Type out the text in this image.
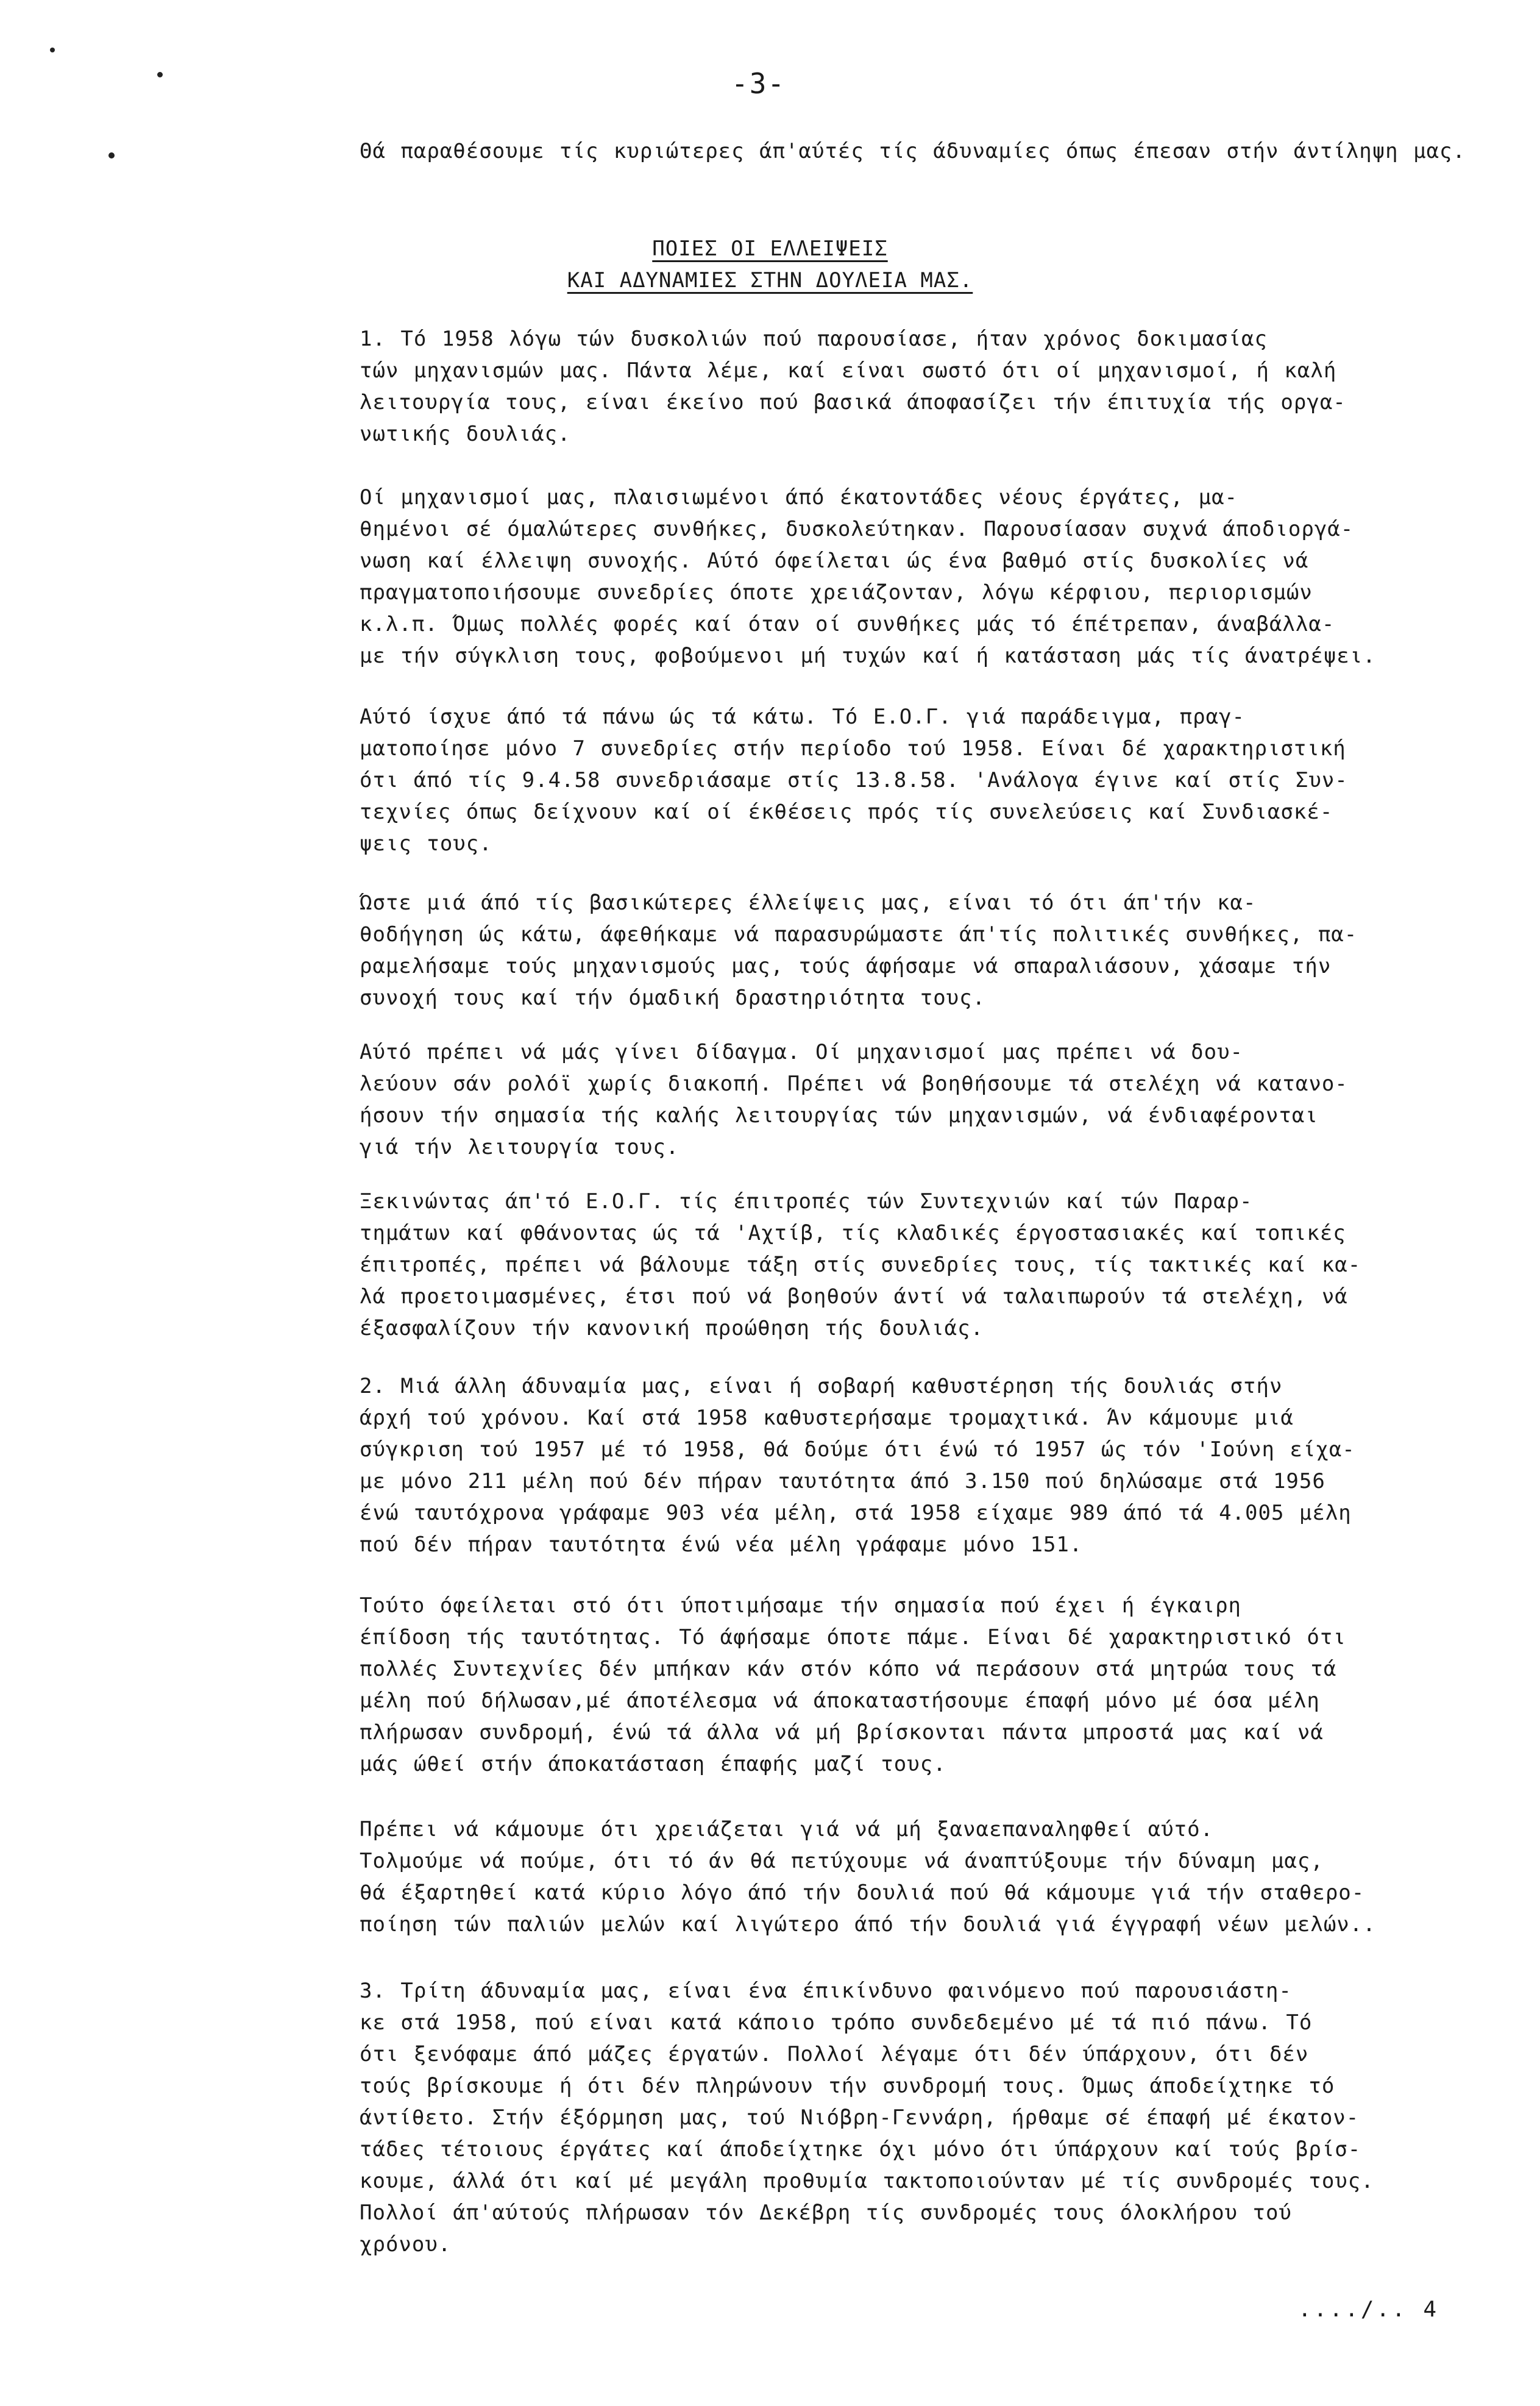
-3-

Θά παραθέσουμε τίς κυριώτερες άπ'αύτές τίς άδυναμίες όπως έπεσαν στήν άντίληψη μας.

ΠΟΙΕΣ ΟΙ ΕΛΛΕΙΨΕΙΣ
ΚΑΙ ΑΔΥΝΑΜΙΕΣ ΣΤΗΝ ΔΟΥΛΕΙΑ ΜΑΣ.

1. Τό 1958 λόγω τών δυσκολιών πού παρουσίασε, ήταν χρόνος δοκιμασίας
τών μηχανισμών μας. Πάντα λέμε, καί είναι σωστό ότι οί μηχανισμοί, ή καλή
λειτουργία τους, είναι έκείνο πού βασικά άποφασίζει τήν έπιτυχία τής οργα-
νωτικής δουλιάς.

Οί μηχανισμοί μας, πλαισιωμένοι άπό έκατοντάδες νέους έργάτες, μα-
θημένοι σέ όμαλώτερες συνθήκες, δυσκολεύτηκαν. Παρουσίασαν συχνά άποδιοργά-
νωση καί έλλειψη συνοχής. Αύτό όφείλεται ώς ένα βαθμό στίς δυσκολίες νά
πραγματοποιήσουμε συνεδρίες όποτε χρειάζονταν, λόγω κέρφιου, περιορισμών
κ.λ.π. Όμως πολλές φορές καί όταν οί συνθήκες μάς τό έπέτρεπαν, άναβάλλα-
με τήν σύγκλιση τους, φοβούμενοι μή τυχών καί ή κατάσταση μάς τίς άνατρέψει.

Αύτό ίσχυε άπό τά πάνω ώς τά κάτω. Τό Ε.Ο.Γ. γιά παράδειγμα, πραγ-
ματοποίησε μόνο 7 συνεδρίες στήν περίοδο τού 1958. Είναι δέ χαρακτηριστική
ότι άπό τίς 9.4.58 συνεδριάσαμε στίς 13.8.58. 'Ανάλογα έγινε καί στίς Συν-
τεχνίες όπως δείχνουν καί οί έκθέσεις πρός τίς συνελεύσεις καί Συνδιασκέ-
ψεις τους.

Ώστε μιά άπό τίς βασικώτερες έλλείψεις μας, είναι τό ότι άπ'τήν κα-
θοδήγηση ώς κάτω, άφεθήκαμε νά παρασυρώμαστε άπ'τίς πολιτικές συνθήκες, πα-
ραμελήσαμε τούς μηχανισμούς μας, τούς άφήσαμε νά σπαραλιάσουν, χάσαμε τήν
συνοχή τους καί τήν όμαδική δραστηριότητα τους.

Αύτό πρέπει νά μάς γίνει δίδαγμα. Οί μηχανισμοί μας πρέπει νά δου-
λεύουν σάν ρολόϊ χωρίς διακοπή. Πρέπει νά βοηθήσουμε τά στελέχη νά κατανο-
ήσουν τήν σημασία τής καλής λειτουργίας τών μηχανισμών, νά ένδιαφέρονται
γιά τήν λειτουργία τους.

Ξεκινώντας άπ'τό Ε.Ο.Γ. τίς έπιτροπές τών Συντεχνιών καί τών Παραρ-
τημάτων καί φθάνοντας ώς τά 'Αχτίβ, τίς κλαδικές έργοστασιακές καί τοπικές
έπιτροπές, πρέπει νά βάλουμε τάξη στίς συνεδρίες τους, τίς τακτικές καί κα-
λά προετοιμασμένες, έτσι πού νά βοηθούν άντί νά ταλαιπωρούν τά στελέχη, νά
έξασφαλίζουν τήν κανονική προώθηση τής δουλιάς.

2. Μιά άλλη άδυναμία μας, είναι ή σοβαρή καθυστέρηση τής δουλιάς στήν
άρχή τού χρόνου. Καί στά 1958 καθυστερήσαμε τρομαχτικά. Άν κάμουμε μιά
σύγκριση τού 1957 μέ τό 1958, θά δούμε ότι ένώ τό 1957 ώς τόν 'Ιούνη είχα-
με μόνο 211 μέλη πού δέν πήραν ταυτότητα άπό 3.150 πού δηλώσαμε στά 1956
ένώ ταυτόχρονα γράφαμε 903 νέα μέλη, στά 1958 είχαμε 989 άπό τά 4.005 μέλη
πού δέν πήραν ταυτότητα ένώ νέα μέλη γράφαμε μόνο 151.

Τούτο όφείλεται στό ότι ύποτιμήσαμε τήν σημασία πού έχει ή έγκαιρη
έπίδοση τής ταυτότητας. Τό άφήσαμε όποτε πάμε. Είναι δέ χαρακτηριστικό ότι
πολλές Συντεχνίες δέν μπήκαν κάν στόν κόπο νά περάσουν στά μητρώα τους τά
μέλη πού δήλωσαν,μέ άποτέλεσμα νά άποκαταστήσουμε έπαφή μόνο μέ όσα μέλη
πλήρωσαν συνδρομή, ένώ τά άλλα νά μή βρίσκονται πάντα μπροστά μας καί νά
μάς ώθεί στήν άποκατάσταση έπαφής μαζί τους.

Πρέπει νά κάμουμε ότι χρειάζεται γιά νά μή ξαναεπαναληφθεί αύτό.
Τολμούμε νά πούμε, ότι τό άν θά πετύχουμε νά άναπτύξουμε τήν δύναμη μας,
θά έξαρτηθεί κατά κύριο λόγο άπό τήν δουλιά πού θά κάμουμε γιά τήν σταθερο-
ποίηση τών παλιών μελών καί λιγώτερο άπό τήν δουλιά γιά έγγραφή νέων μελών..

3. Τρίτη άδυναμία μας, είναι ένα έπικίνδυνο φαινόμενο πού παρουσιάστη-
κε στά 1958, πού είναι κατά κάποιο τρόπο συνδεδεμένο μέ τά πιό πάνω. Τό
ότι ξενόφαμε άπό μάζες έργατών. Πολλοί λέγαμε ότι δέν ύπάρχουν, ότι δέν
τούς βρίσκουμε ή ότι δέν πληρώνουν τήν συνδρομή τους. Όμως άποδείχτηκε τό
άντίθετο. Στήν έξόρμηση μας, τού Νιόβρη-Γεννάρη, ήρθαμε σέ έπαφή μέ έκατον-
τάδες τέτοιους έργάτες καί άποδείχτηκε όχι μόνο ότι ύπάρχουν καί τούς βρίσ-
κουμε, άλλά ότι καί μέ μεγάλη προθυμία τακτοποιούνταν μέ τίς συνδρομές τους.
Πολλοί άπ'αύτούς πλήρωσαν τόν Δεκέβρη τίς συνδρομές τους όλοκλήρου τού
χρόνου.

..../.. 4
